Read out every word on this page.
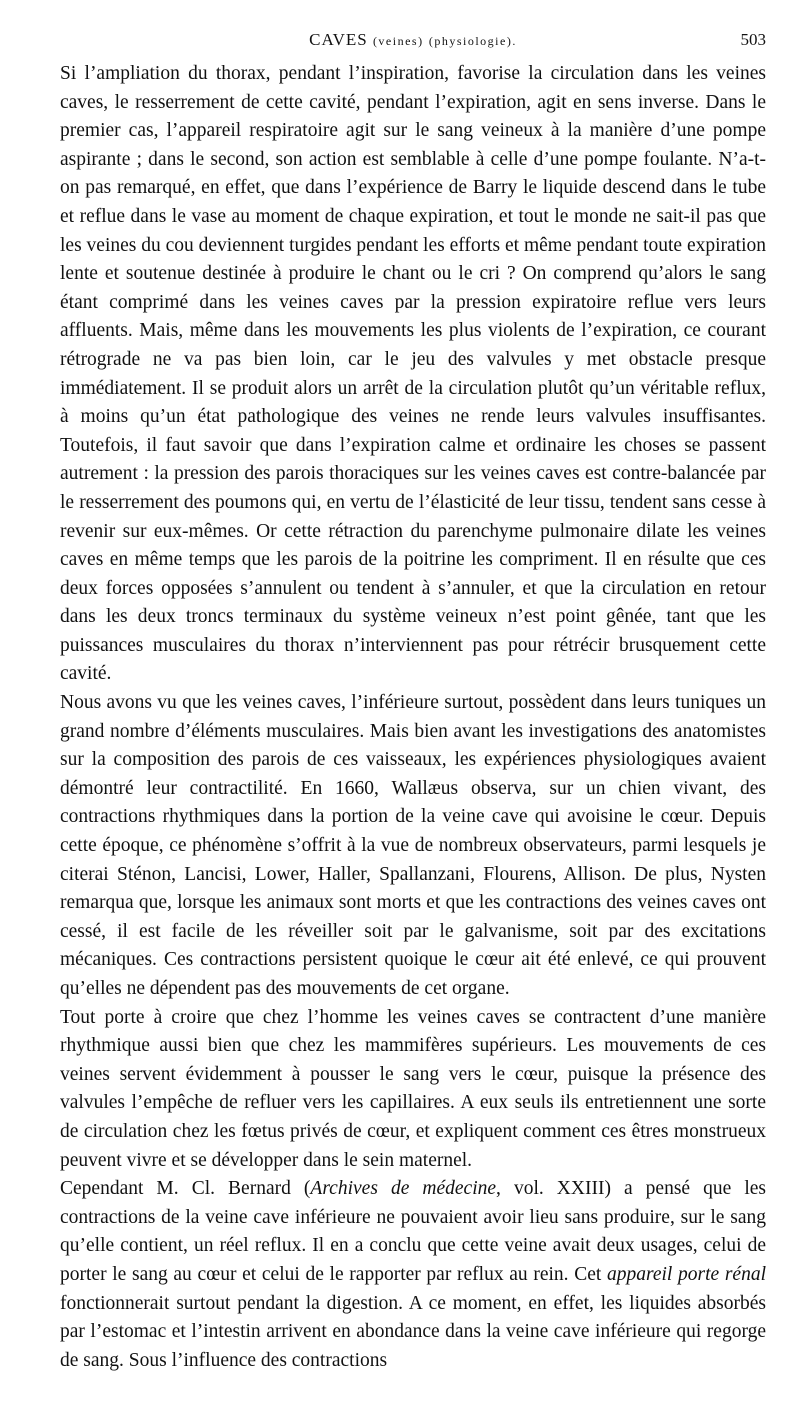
CAVES (veines) (physiologie).	503

Si l’ampliation du thorax, pendant l’inspiration, favorise la circulation dans les veines caves, le resserrement de cette cavité, pendant l’expiration, agit en sens inverse. Dans le premier cas, l’appareil respiratoire agit sur le sang veineux à la manière d’une pompe aspirante ; dans le second, son action est semblable à celle d’une pompe foulante. N’a-t-on pas remarqué, en effet, que dans l’expérience de Barry le liquide descend dans le tube et reflue dans le vase au moment de chaque expiration, et tout le monde ne sait-il pas que les veines du cou deviennent turgides pendant les efforts et même pendant toute expiration lente et soutenue destinée à produire le chant ou le cri ? On comprend qu’alors le sang étant comprimé dans les veines caves par la pression expiratoire reflue vers leurs affluents. Mais, même dans les mouvements les plus violents de l’expiration, ce courant rétrograde ne va pas bien loin, car le jeu des valvules y met obstacle presque immédiatement. Il se produit alors un arrêt de la circulation plutôt qu’un véritable reflux, à moins qu’un état pathologique des veines ne rende leurs valvules insuffisantes. Toutefois, il faut savoir que dans l’expiration calme et ordinaire les choses se passent autrement : la pression des parois thoraciques sur les veines caves est contre-balancée par le resserrement des poumons qui, en vertu de l’élasticité de leur tissu, tendent sans cesse à revenir sur eux-mêmes. Or cette rétraction du parenchyme pulmonaire dilate les veines caves en même temps que les parois de la poitrine les compriment. Il en résulte que ces deux forces opposées s’annulent ou tendent à s’annuler, et que la circulation en retour dans les deux troncs terminaux du système veineux n’est point gênée, tant que les puissances musculaires du thorax n’interviennent pas pour rétrécir brusquement cette cavité.

Nous avons vu que les veines caves, l’inférieure surtout, possèdent dans leurs tuniques un grand nombre d’éléments musculaires. Mais bien avant les investigations des anatomistes sur la composition des parois de ces vaisseaux, les expériences physiologiques avaient démontré leur contractilité. En 1660, Wallæus observa, sur un chien vivant, des contractions rhythmiques dans la portion de la veine cave qui avoisine le cœur. Depuis cette époque, ce phénomène s’offrit à la vue de nombreux observateurs, parmi lesquels je citerai Sténon, Lancisi, Lower, Haller, Spallanzani, Flourens, Allison. De plus, Nysten remarqua que, lorsque les animaux sont morts et que les contractions des veines caves ont cessé, il est facile de les réveiller soit par le galvanisme, soit par des excitations mécaniques. Ces contractions persistent quoique le cœur ait été enlevé, ce qui prouvent qu’elles ne dépendent pas des mouvements de cet organe.

Tout porte à croire que chez l’homme les veines caves se contractent d’une manière rhythmique aussi bien que chez les mammifères supérieurs. Les mouvements de ces veines servent évidemment à pousser le sang vers le cœur, puisque la présence des valvules l’empêche de refluer vers les capillaires. A eux seuls ils entretiennent une sorte de circulation chez les fœtus privés de cœur, et expliquent comment ces êtres monstrueux peuvent vivre et se développer dans le sein maternel.

Cependant M. Cl. Bernard (Archives de médecine, vol. XXIII) a pensé que les contractions de la veine cave inférieure ne pouvaient avoir lieu sans produire, sur le sang qu’elle contient, un réel reflux. Il en a conclu que cette veine avait deux usages, celui de porter le sang au cœur et celui de le rapporter par reflux au rein. Cet appareil porte rénal fonctionnerait surtout pendant la digestion. A ce moment, en effet, les liquides absorbés par l’estomac et l’intestin arrivent en abondance dans la veine cave inférieure qui regorge de sang. Sous l’influence des contractions
